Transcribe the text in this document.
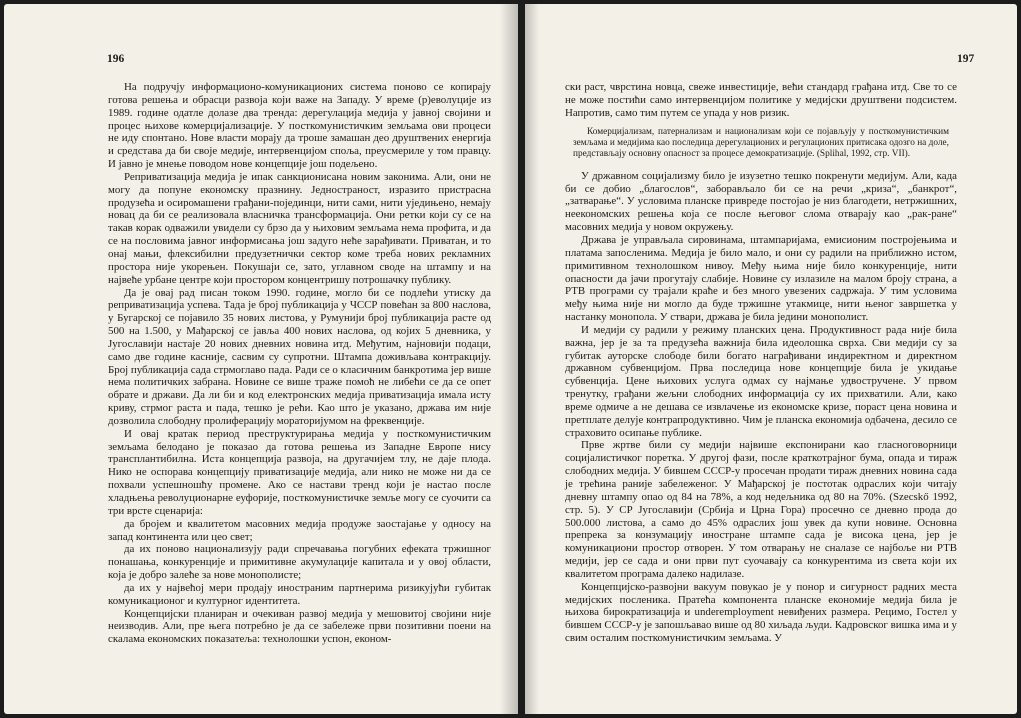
196

На подручју информационо-комуникационих система поново се копирају готова решења и обрасци развоја који важе на Западу. У време (р)еволуције из 1989. године одатле долазе два тренда: дерегулација медија у јавној својини и процес њихове комерцијализације. У посткомунистичким земљама ови процеси не иду спонтано. Нове власти морају да троше замашан део друштвених енергија и средстава да би своје медије, интервенцијом споља, преусмериле у том правцу. И јавно је мнење поводом нове концепције још подељено.

Реприватизација медија је ипак санкционисана новим законима. Али, они не могу да попуне економску празнину. Једностраност, изразито пристрасна продузећа и осиромашени грађани-појединци, нити сами, нити уједињено, немају новац да би се реализовала власничка трансформација. Они ретки који су се на такав корак одважили увидели су брзо да у њиховим земљама нема профита, и да се на пословима јавног информисања још задуго неће зарађивати. Приватан, и то онај мањи, флексибилни предузетнички сектор коме треба нових рекламних простора није укорењен. Покушаји се, зато, углавном своде на штампу и на највеће урбане центре који простором концентришу потрошачку публику.

Да је овај рад писан током 1990. године, могло би се подлећи утиску да реприватизација успева. Тада је број публикација у ЧССР повећан за 800 наслова, у Бугарској се појавило 35 нових листова, у Румунији број публикација расте од 500 на 1.500, у Мађарској се јавља 400 нових наслова, од којих 5 дневника, у Југославији настаје 20 нових дневних новина итд. Међутим, најновији подаци, само две године касније, сасвим су супротни. Штампа доживљава контракцију. Број публикација сада стрмоглаво пада. Ради се о класичним банкротима јер више нема политичких забрана. Новине се више траже помоћ не либећи се да се опет обрате и држави. Да ли би и код електронских медија приватизација имала исту криву, стрмог раста и пада, тешко је рећи. Као што је указано, држава им није дозволила слободну пролиферацију мораторијумом на фреквенције.

И овај кратак период преструктурирања медија у посткомунистичким земљама белодано је показао да готова решења из Западне Европе нису трансплантибилна. Иста концепција развоја, на другачијем тлу, не даје плода. Нико не оспорава концепцију приватизације медија, али нико не може ни да се похвали успешношћу промене. Ако се настави тренд који је настао после хладњења револуционарне еуфорије, посткомунистичке земље могу се суочити са три врсте сценарија:

да бројем и квалитетом масовних медија продуже заостајање у односу на запад континента или цео свет;

да их поново национализују ради спречавања погубних ефеката тржишног понашања, конкуренције и примитивне акумулације капитала и у овој области, која је добро залеће за нове монополисте;

да их у највећој мери продају иностраним партнерима ризикујући губитак комуникационог и културног идентитета.

Концепцијски планиран и очекиван развој медија у мешовитој својини није неизводив. Али, пре њега потребно је да се забележе први позитивни поени на скалама економских показатеља: технолошки успон, економ-

197

ски раст, чврстина новца, свеже инвестиције, већи стандард грађана итд. Све то се не може постићи само интервенцијом политике у медијски друштвени подсистем. Напротив, само тим путем се упада у нов ризик.

Комерцијализам, патернализам и национализам који се појављују у посткомунистичким земљама и медијима као последица дерегулационих и регулационих притисака одозго на доле, представљају основну опасност за процесе демократизације. (Splihal, 1992, стр. VII).

У државном социјализму било је изузетно тешко покренути медијум. Али, када би се добио „благослов“, заборављало би се на речи „криза“, „банкрот“, „затварање“. У условима планске привреде постојао је низ благодети, нетржишних, неекономских решења која се после његовог слома отварају као „рак-ране“ масовних медија у новом окружењу.

Држава је управљала сировинама, штампаријама, емисионим постројењима и платама запосленима. Медија је било мало, и они су радили на приближно истом, примитивном технолошком нивоу. Међу њима није било конкуренције, нити опасности да јачи прогутају слабије. Новине су излазиле на малом броју страна, а РТВ програми су трајали краће и без много увезених садржаја. У тим условима међу њима није ни могло да буде тржишне утакмице, нити њеног завршетка у настанку монопола. У ствари, држава је била једини монополист.

И медији су радили у режиму планских цена. Продуктивност рада није била важна, јер је за та предузећа важнија била идеолошка сврха. Сви медији су за губитак ауторске слободе били богато награђивани индиректном и директном државном субвенцијом. Прва последица нове концепције била је укидање субвенција. Цене њихових услуга одмах су најмање удвостручене. У првом тренутку, грађани жељни слободних информација су их прихватили. Али, како време одмиче а не дешава се извлачење из економске кризе, пораст цена новина и претплате делује контрапродуктивно. Чим је планска економија одбачена, десило се страховито осипање публике.

Прве жртве били су медији највише експонирани као гласноговорници социјалистичког поретка. У другој фази, после краткотрајног бума, опада и тираж слободних медија. У бившем СССР-у просечан продати тираж дневних новина сада је трећина раније забележеног. У Мађарској је постотак одраслих који читају дневну штампу опао од 84 на 78%, а код недељника од 80 на 70%. (Szecskő 1992, стр. 5). У СР Југославији (Србија и Црна Гора) просечно се дневно прода до 500.000 листова, а само до 45% одраслих још увек да купи новине. Основна препрека за конзумацију иностране штампе сада је висока цена, јер је комуникациони простор отворен. У том отварању не сналазе се најбоље ни РТВ медији, јер се сада и они први пут суочавају са конкурентима из света који их квалитетом програма далеко надилазе.

Концепцијско-развојни вакуум повукао је у понор и сигурност радних места медијских посленика. Пратећа компонента планске економије медија била је њихова бирократизација и underemployment невиђених размера. Рецимо, Гостел у бившем СССР-у је запошљавао више од 80 хиљада људи. Кадровског вишка има и у свим осталим посткомунистичким земљама. У
